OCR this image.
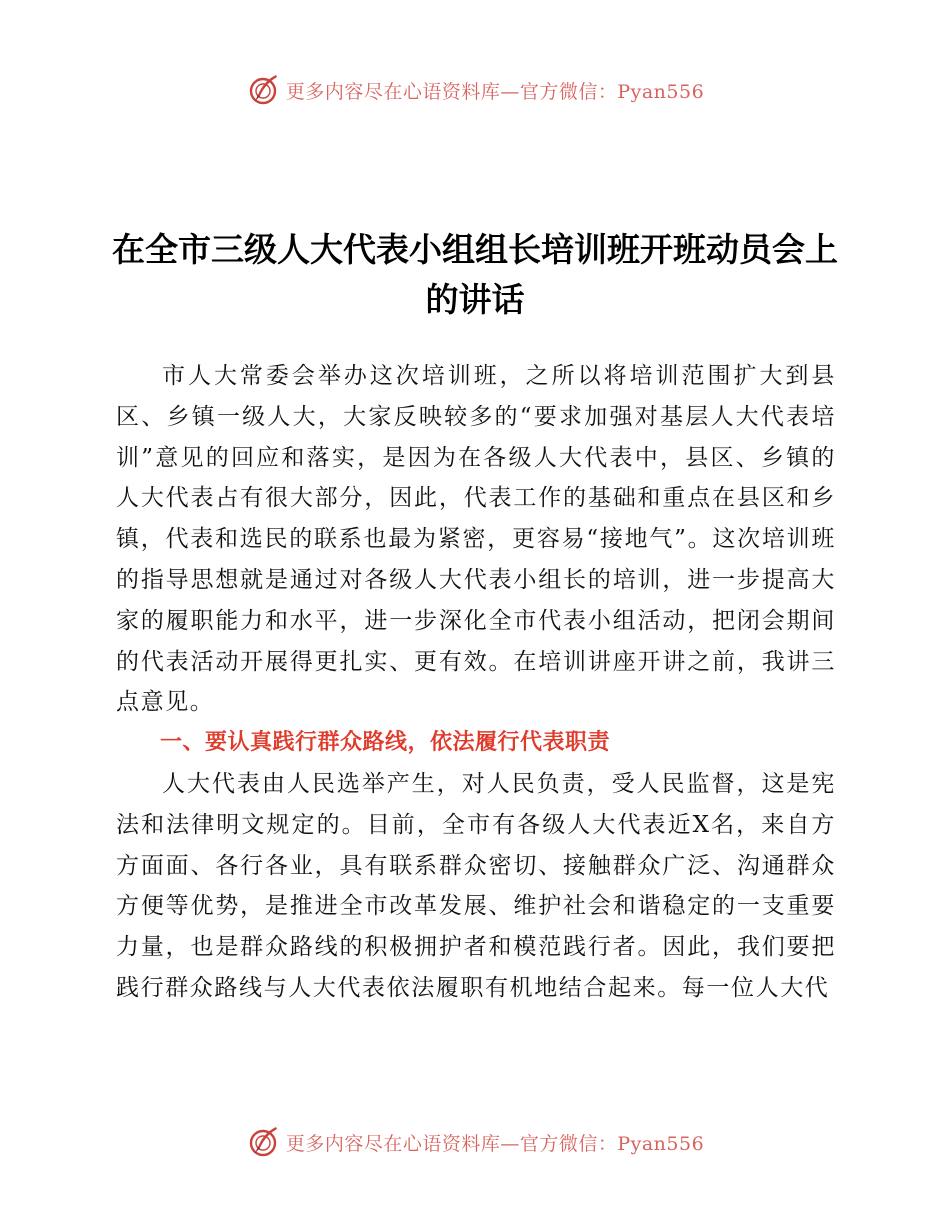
更多内容尽在心语资料库—官方微信：Pyan556
在全市三级人大代表小组组长培训班开班动员会上的讲话

市人大常委会举办这次培训班，之所以将培训范围扩大到县区、乡镇一级人大，大家反映较多的“要求加强对基层人大代表培训”意见的回应和落实，是因为在各级人大代表中，县区、乡镇的人大代表占有很大部分，因此，代表工作的基础和重点在县区和乡镇，代表和选民的联系也最为紧密，更容易“接地气”。这次培训班的指导思想就是通过对各级人大代表小组长的培训，进一步提高大家的履职能力和水平，进一步深化全市代表小组活动，把闭会期间的代表活动开展得更扎实、更有效。在培训讲座开讲之前，我讲三点意见。

一、要认真践行群众路线，依法履行代表职责

人大代表由人民选举产生，对人民负责，受人民监督，这是宪法和法律明文规定的。目前，全市有各级人大代表近X名，来自方方面面、各行各业，具有联系群众密切、接触群众广泛、沟通群众方便等优势，是推进全市改革发展、维护社会和谐稳定的一支重要力量，也是群众路线的积极拥护者和模范践行者。因此，我们要把践行群众路线与人大代表依法履职有机地结合起来。每一位人大代

更多内容尽在心语资料库—官方微信：Pyan556
